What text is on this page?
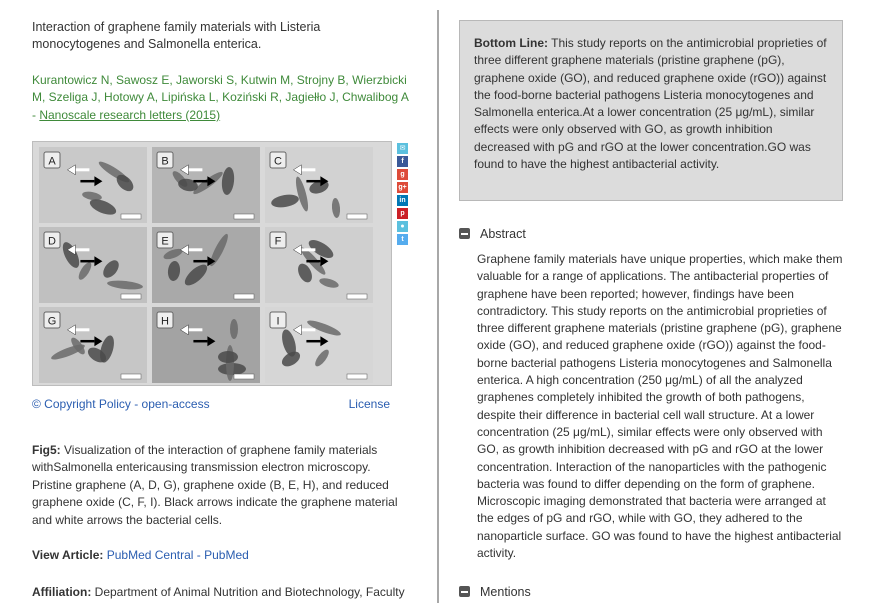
Interaction of graphene family materials with Listeria monocytogenes and Salmonella enterica.
Kurantowicz N, Sawosz E, Jaworski S, Kutwin M, Strojny B, Wierzbicki M, Szeliga J, Hotowy A, Lipińska L, Koziński R, Jagiełło J, Chwalibog A
- Nanoscale research letters (2015)
A	B	C
D	E	F
G	H	I
✉
f
g
g+
in
p
●
t
© Copyright Policy - open-access	License
Fig5: Visualization of the interaction of graphene family materials withSalmonella entericausing transmission electron microscopy. Pristine graphene (A, D, G), graphene oxide (B, E, H), and reduced graphene oxide (C, F, I). Black arrows indicate the graphene material and white arrows the bacterial cells.
View Article: PubMed Central - PubMed
Affiliation: Department of Animal Nutrition and Biotechnology, Faculty
Bottom Line: This study reports on the antimicrobial proprieties of three different graphene materials (pristine graphene (pG), graphene oxide (GO), and reduced graphene oxide (rGO)) against the food-borne bacterial pathogens Listeria monocytogenes and Salmonella enterica.At a lower concentration (25 μg/mL), similar effects were only observed with GO, as growth inhibition decreased with pG and rGO at the lower concentration.GO was found to have the highest antibacterial activity.
Abstract
Graphene family materials have unique properties, which make them valuable for a range of applications. The antibacterial properties of graphene have been reported; however, findings have been contradictory. This study reports on the antimicrobial proprieties of three different graphene materials (pristine graphene (pG), graphene oxide (GO), and reduced graphene oxide (rGO)) against the food-borne bacterial pathogens Listeria monocytogenes and Salmonella enterica. A high concentration (250 μg/mL) of all the analyzed graphenes completely inhibited the growth of both pathogens, despite their difference in bacterial cell wall structure. At a lower concentration (25 μg/mL), similar effects were only observed with GO, as growth inhibition decreased with pG and rGO at the lower concentration. Interaction of the nanoparticles with the pathogenic bacteria was found to differ depending on the form of graphene. Microscopic imaging demonstrated that bacteria were arranged at the edges of pG and rGO, while with GO, they adhered to the nanoparticle surface. GO was found to have the highest antibacterial activity.
Mentions
